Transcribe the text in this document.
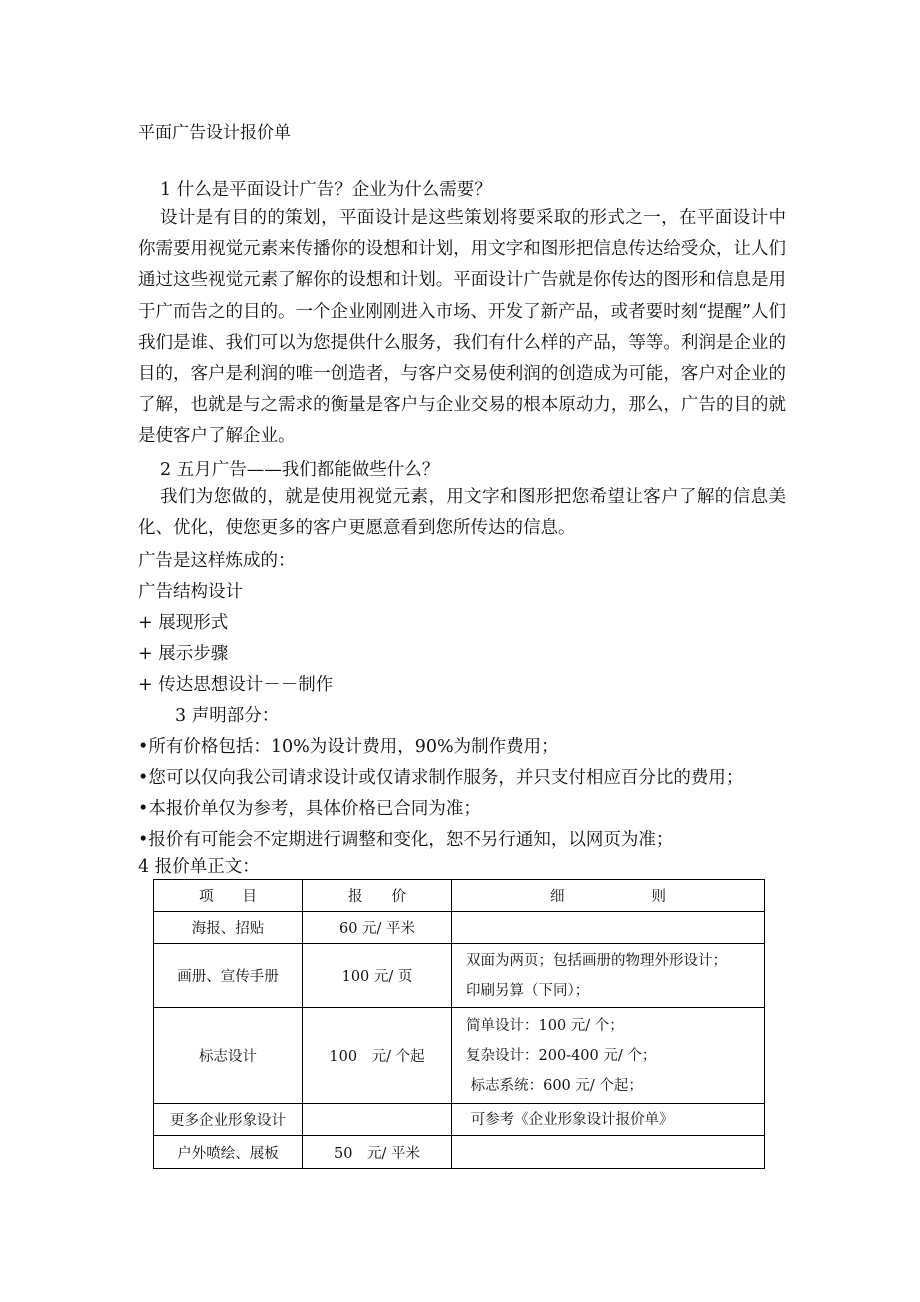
平面广告设计报价单
1 什么是平面设计广告？企业为什么需要？
设计是有目的的策划，平面设计是这些策划将要采取的形式之一，在平面设计中你需要用视觉元素来传播你的设想和计划，用文字和图形把信息传达给受众，让人们通过这些视觉元素了解你的设想和计划。平面设计广告就是你传达的图形和信息是用于广而告之的目的。一个企业刚刚进入市场、开发了新产品，或者要时刻“提醒”人们我们是谁、我们可以为您提供什么服务，我们有什么样的产品，等等。利润是企业的目的，客户是利润的唯一创造者，与客户交易使利润的创造成为可能，客户对企业的了解，也就是与之需求的衡量是客户与企业交易的根本原动力，那么，广告的目的就是使客户了解企业。
2 五月广告——我们都能做些什么？
我们为您做的，就是使用视觉元素，用文字和图形把您希望让客户了解的信息美化、优化，使您更多的客户更愿意看到您所传达的信息。
广告是这样炼成的：
广告结构设计
+ 展现形式
+ 展示步骤
+ 传达思想设计－－制作
3 声明部分：
•所有价格包括：10%为设计费用，90%为制作费用；
•您可以仅向我公司请求设计或仅请求制作服务，并只支付相应百分比的费用；
•本报价单仅为参考，具体价格已合同为准；
•报价有可能会不定期进行调整和变化，恕不另行通知，以网页为准；
4 报价单正文：
项　　目	报　　价	细　　　　　　则
海报、招贴	60 元/ 平米	
画册、宣传手册	100 元/ 页	双面为两页；包括画册的物理外形设计；
印刷另算（下同）；

标志设计	100　元/ 个起	简单设计：100 元/ 个；
复杂设计：200-400 元/ 个；
标志系统：600 元/ 个起；

更多企业形象设计		可参考《企业形象设计报价单》

户外喷绘、展板	50　元/ 平米	
